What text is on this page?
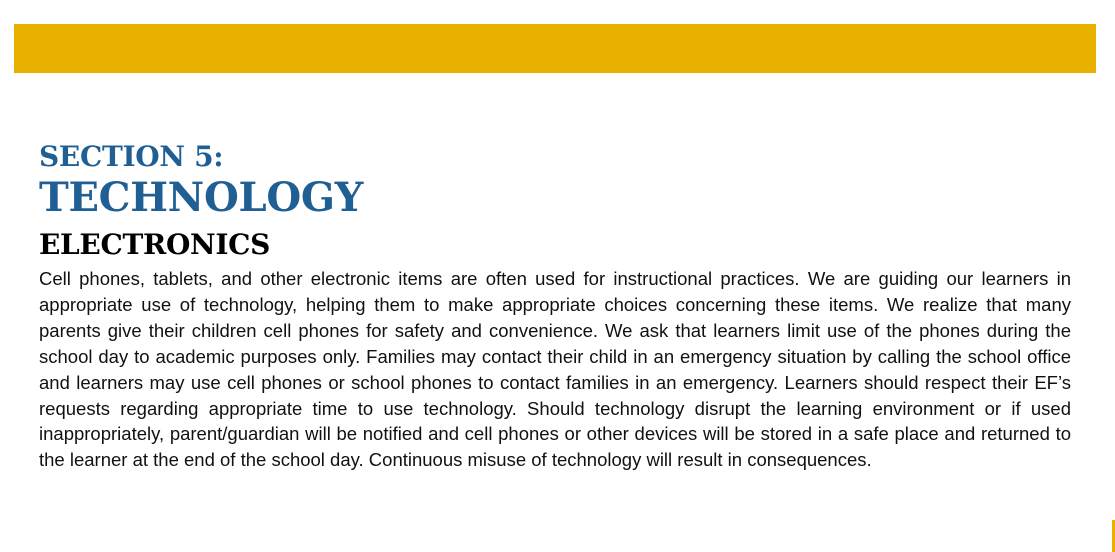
SECTION 5:
TECHNOLOGY
ELECTRONICS

Cell phones, tablets, and other electronic items are often used for instructional practices. We are guiding our learners in appropriate use of technology, helping them to make appropriate choices concerning these items. We realize that many parents give their children cell phones for safety and convenience. We ask that learners limit use of the phones during the school day to academic purposes only. Families may contact their child in an emergency situation by calling the school office and learners may use cell phones or school phones to contact families in an emergency. Learners should respect their EF’s requests regarding appropriate time to use technology. Should technology disrupt the learning environment or if used inappropriately, parent/guardian will be notified and cell phones or other devices will be stored in a safe place and returned to the learner at the end of the school day. Continuous misuse of technology will result in consequences.
